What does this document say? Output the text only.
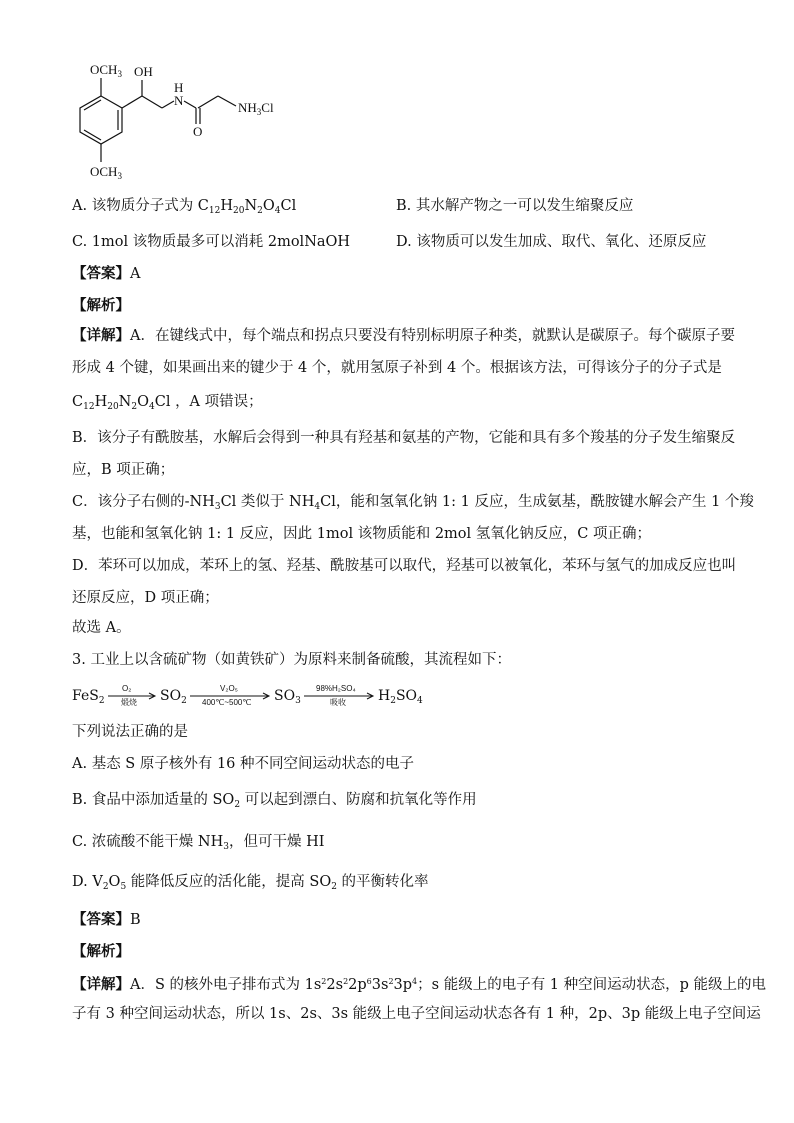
$OCH_3$ OH
N
H
O
$NH_3Cl$
$OCH_3$
A. 该物质分子式为 $C_{12}H_{20}N_2O_4Cl$	B. 其水解产物之一可以发生缩聚反应
C. 1mol 该物质最多可以消耗 2molNaOH	D. 该物质可以发生加成、取代、氧化、还原反应
【答案】A
【解析】
【详解】A．在键线式中，每个端点和拐点只要没有特别标明原子种类，就默认是碳原子。每个碳原子要
形成 4 个键，如果画出来的键少于 4 个，就用氢原子补到 4 个。根据该方法，可得该分子的分子式是
$C_{12}H_{20}N_2O_4Cl$ ，A 项错误；
B．该分子有酰胺基，水解后会得到一种具有羟基和氨基的产物，它能和具有多个羧基的分子发生缩聚反
应，B 项正确；
C．该分子右侧的$-NH_3Cl$ 类似于 $NH_4Cl$，能和氢氧化钠 1: 1 反应，生成氨基，酰胺键水解会产生 1 个羧
基，也能和氢氧化钠 1: 1 反应，因此 1mol 该物质能和 2mol 氢氧化钠反应，C 项正确；
D．苯环可以加成，苯环上的氢、羟基、酰胺基可以取代，羟基可以被氧化，苯环与氢气的加成反应也叫
还原反应，D 项正确；
故选 A。
3. 工业上以含硫矿物（如黄铁矿）为原料来制备硫酸，其流程如下：
FeS$_2$
O₂
煅烧 $SO_2$
V₂O₅
400℃~500℃ $SO_3$
98%H₂SO₄
吸收 $H_2SO_4$
下列说法正确的是
A. 基态 S 原子核外有 16 种不同空间运动状态的电子
B. 食品中添加适量的 $SO_2$ 可以起到漂白、防腐和抗氧化等作用
C. 浓硫酸不能干燥 $NH_3$，但可干燥 HI
D. $V_2O_5$ 能降低反应的活化能，提高 $SO_2$ 的平衡转化率
【答案】B
【解析】
【详解】A．S 的核外电子排布式为 $1s^22s^22p^63s^23p^4$；s 能级上的电子有 1 种空间运动状态，p 能级上的电
子有 3 种空间运动状态，所以 1s、2s、3s 能级上电子空间运动状态各有 1 种，2p、3p 能级上电子空间运
